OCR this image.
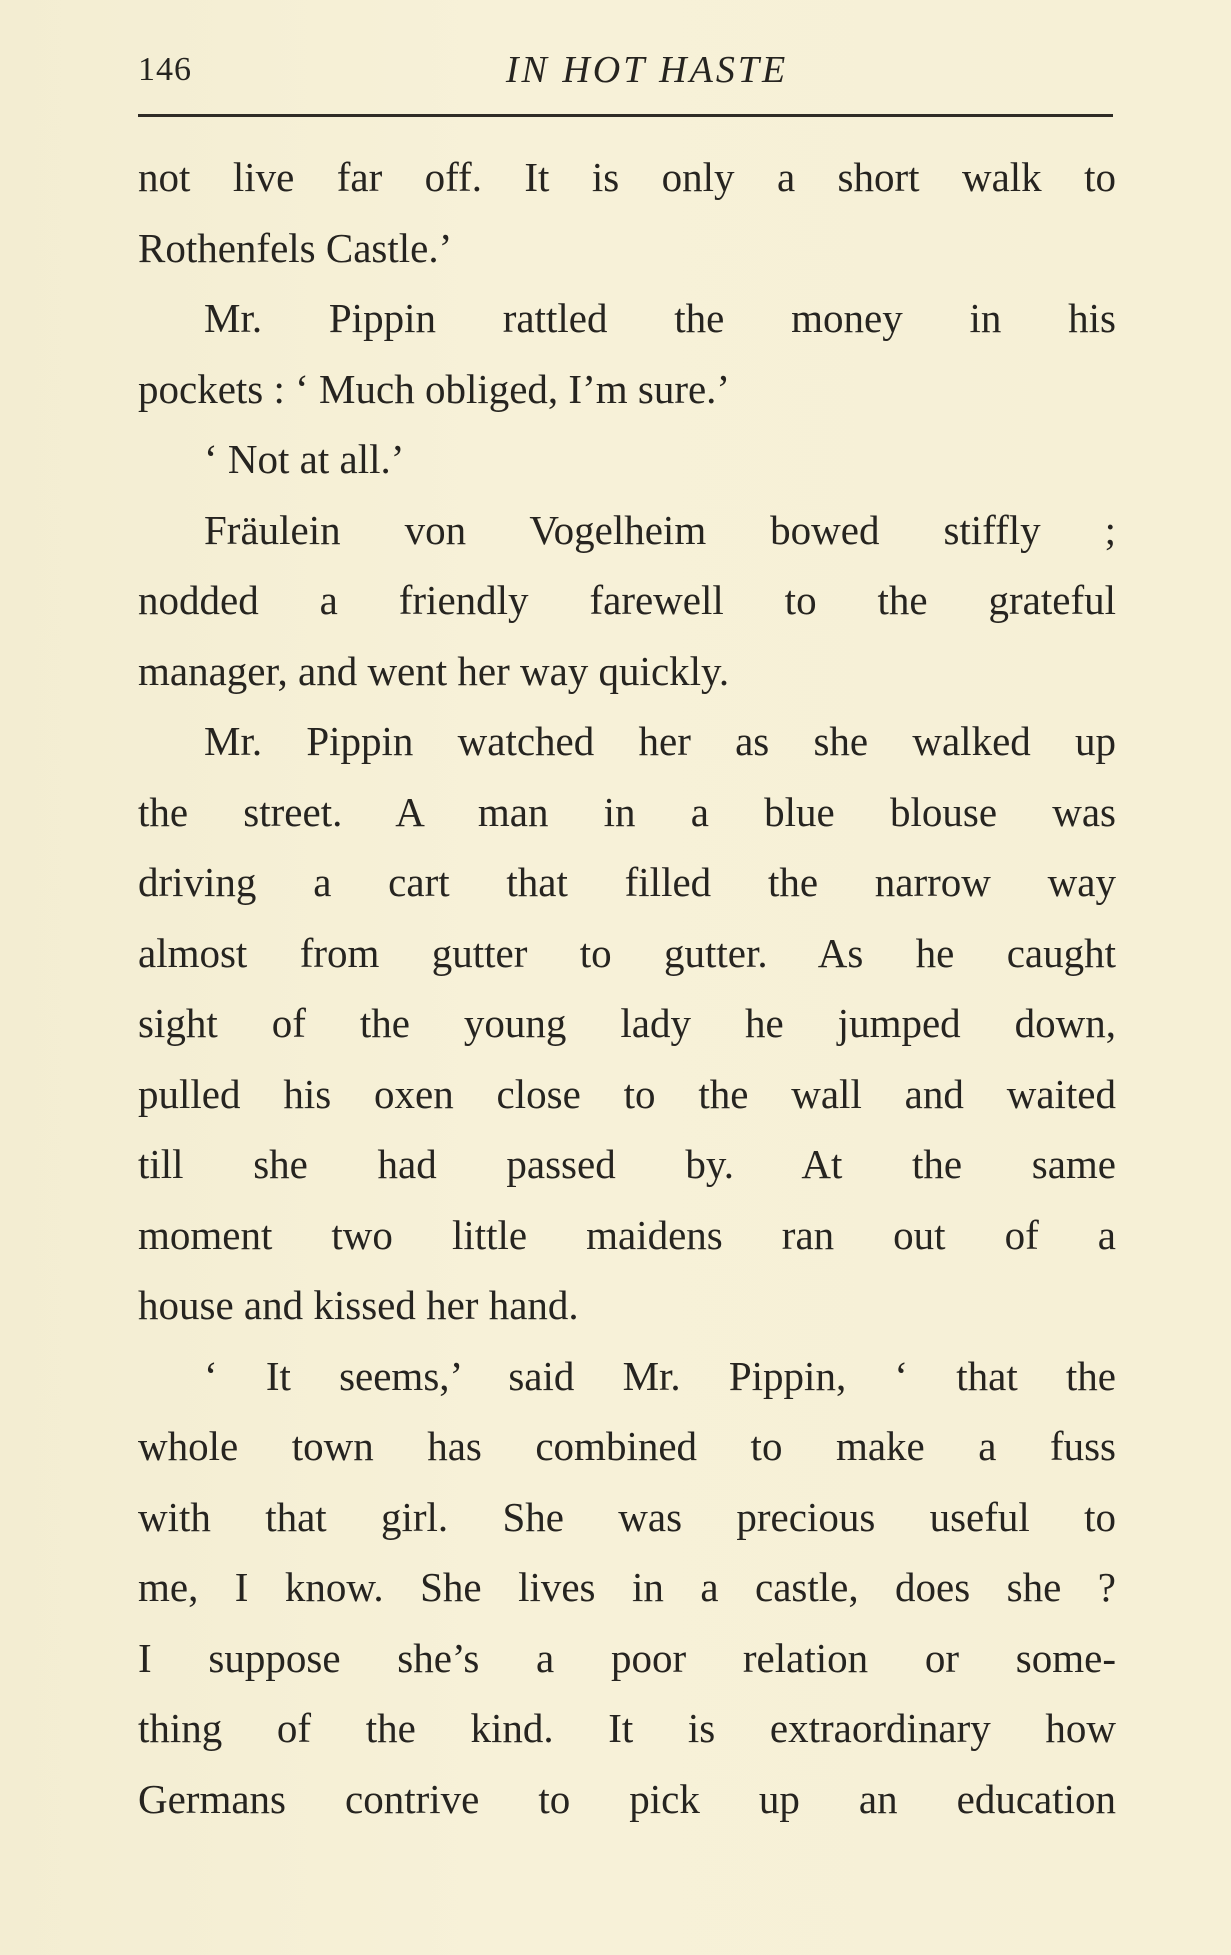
146	IN HOT HASTE
not live far off. It is only a short walk to
Rothenfels Castle.’
Mr. Pippin rattled the money in his
pockets : ‘ Much obliged, I’m sure.’
‘ Not at all.’
Fräulein von Vogelheim bowed stiffly ;
nodded a friendly farewell to the grateful
manager, and went her way quickly.
Mr. Pippin watched her as she walked up
the street. A man in a blue blouse was
driving a cart that filled the narrow way
almost from gutter to gutter. As he caught
sight of the young lady he jumped down,
pulled his oxen close to the wall and waited
till she had passed by. At the same
moment two little maidens ran out of a
house and kissed her hand.
‘ It seems,’ said Mr. Pippin, ‘ that the
whole town has combined to make a fuss
with that girl. She was precious useful to
me, I know. She lives in a castle, does she ?
I suppose she’s a poor relation or some-
thing of the kind. It is extraordinary how
Germans contrive to pick up an education
